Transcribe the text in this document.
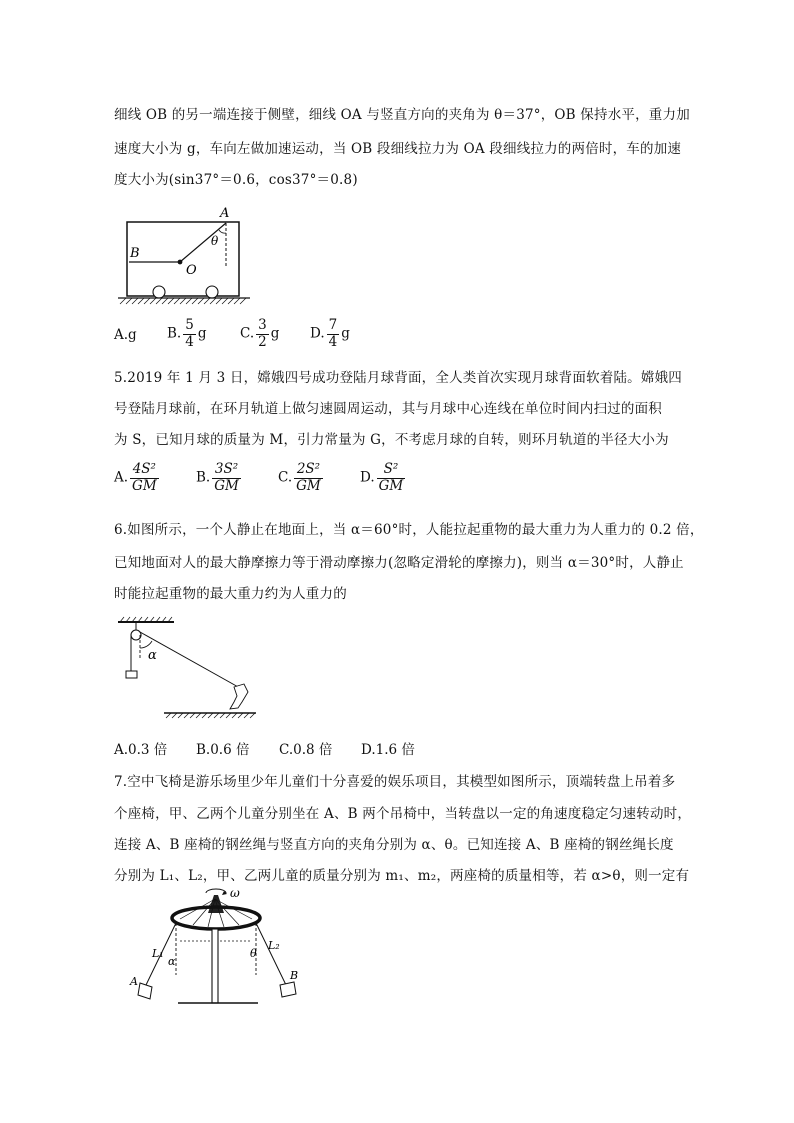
细线 OB 的另一端连接于侧壁，细线 OA 与竖直方向的夹角为 θ＝37°，OB 保持水平，重力加
速度大小为 g，车向左做加速运动，当 OB 段细线拉力为 OA 段细线拉力的两倍时，车的加速
度大小为(sin37°＝0.6，cos37°＝0.8)
A
B
O
θ
A.g B. $\frac{5}{4}$ g C. $\frac{3}{2}$ g D. $\frac{7}{4}$ g
5.2019 年 1 月 3 日，嫦娥四号成功登陆月球背面，全人类首次实现月球背面软着陆。嫦娥四
号登陆月球前，在环月轨道上做匀速圆周运动，其与月球中心连线在单位时间内扫过的面积
为 S，已知月球的质量为 M，引力常量为 G，不考虑月球的自转，则环月轨道的半径大小为
A. $\frac{\text{4S²}}{GM}$	B. $\frac{\text{3S²}}{GM}$	C. $\frac{\text{2S²}}{GM}$	D. $\frac{\text{S²}}{GM}$
6.如图所示，一个人静止在地面上，当 α＝60°时，人能拉起重物的最大重力为人重力的 0.2 倍，
已知地面对人的最大静摩擦力等于滑动摩擦力(忽略定滑轮的摩擦力)，则当 α＝30°时，人静止
时能拉起重物的最大重力约为人重力的
α
A.0.3 倍 B.0.6 倍 C.0.8 倍 D.1.6 倍
7.空中飞椅是游乐场里少年儿童们十分喜爱的娱乐项目，其模型如图所示，顶端转盘上吊着多
个座椅，甲、乙两个儿童分别坐在 A、B 两个吊椅中，当转盘以一定的角速度稳定匀速转动时，
连接 A、B 座椅的钢丝绳与竖直方向的夹角分别为 α、θ。已知连接 A、B 座椅的钢丝绳长度
分别为 L₁、L₂，甲、乙两儿童的质量分别为 m₁、m₂，两座椅的质量相等，若 α>θ，则一定有
ω
L₁
α
θ
L₂
A	B
